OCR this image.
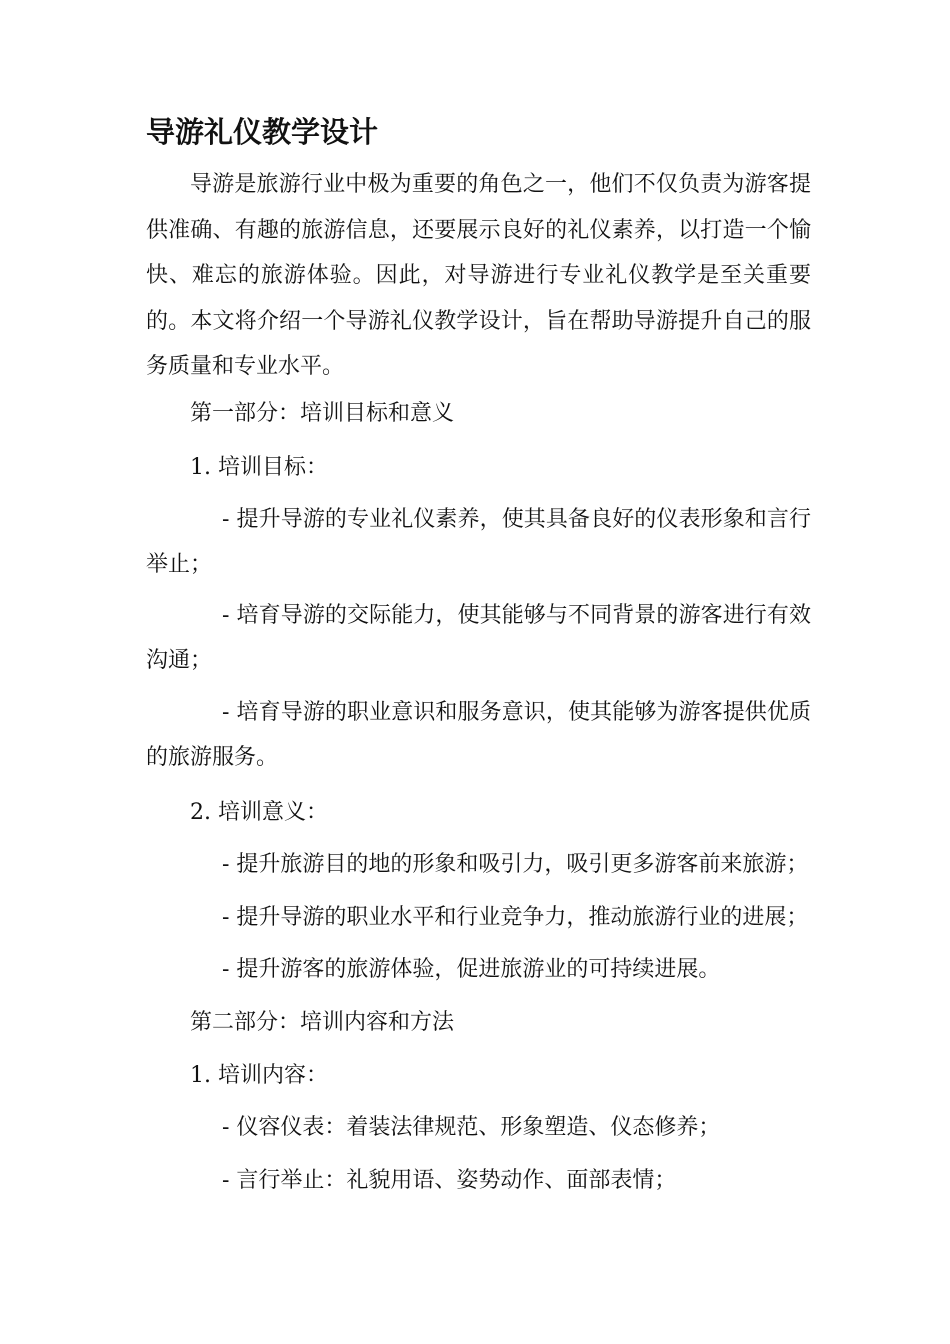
导游礼仪教学设计

导游是旅游行业中极为重要的角色之一，他们不仅负责为游客提供准确、有趣的旅游信息，还要展示良好的礼仪素养，以打造一个愉快、难忘的旅游体验。因此，对导游进行专业礼仪教学是至关重要的。本文将介绍一个导游礼仪教学设计，旨在帮助导游提升自己的服务质量和专业水平。

第一部分：培训目标和意义

1. 培训目标：

- 提升导游的专业礼仪素养，使其具备良好的仪表形象和言行举止；

- 培育导游的交际能力，使其能够与不同背景的游客进行有效沟通；

- 培育导游的职业意识和服务意识，使其能够为游客提供优质的旅游服务。

2. 培训意义：

- 提升旅游目的地的形象和吸引力，吸引更多游客前来旅游；

- 提升导游的职业水平和行业竞争力，推动旅游行业的进展；

- 提升游客的旅游体验，促进旅游业的可持续进展。

第二部分：培训内容和方法

1. 培训内容：

- 仪容仪表：着装法律规范、形象塑造、仪态修养；

- 言行举止：礼貌用语、姿势动作、面部表情；
